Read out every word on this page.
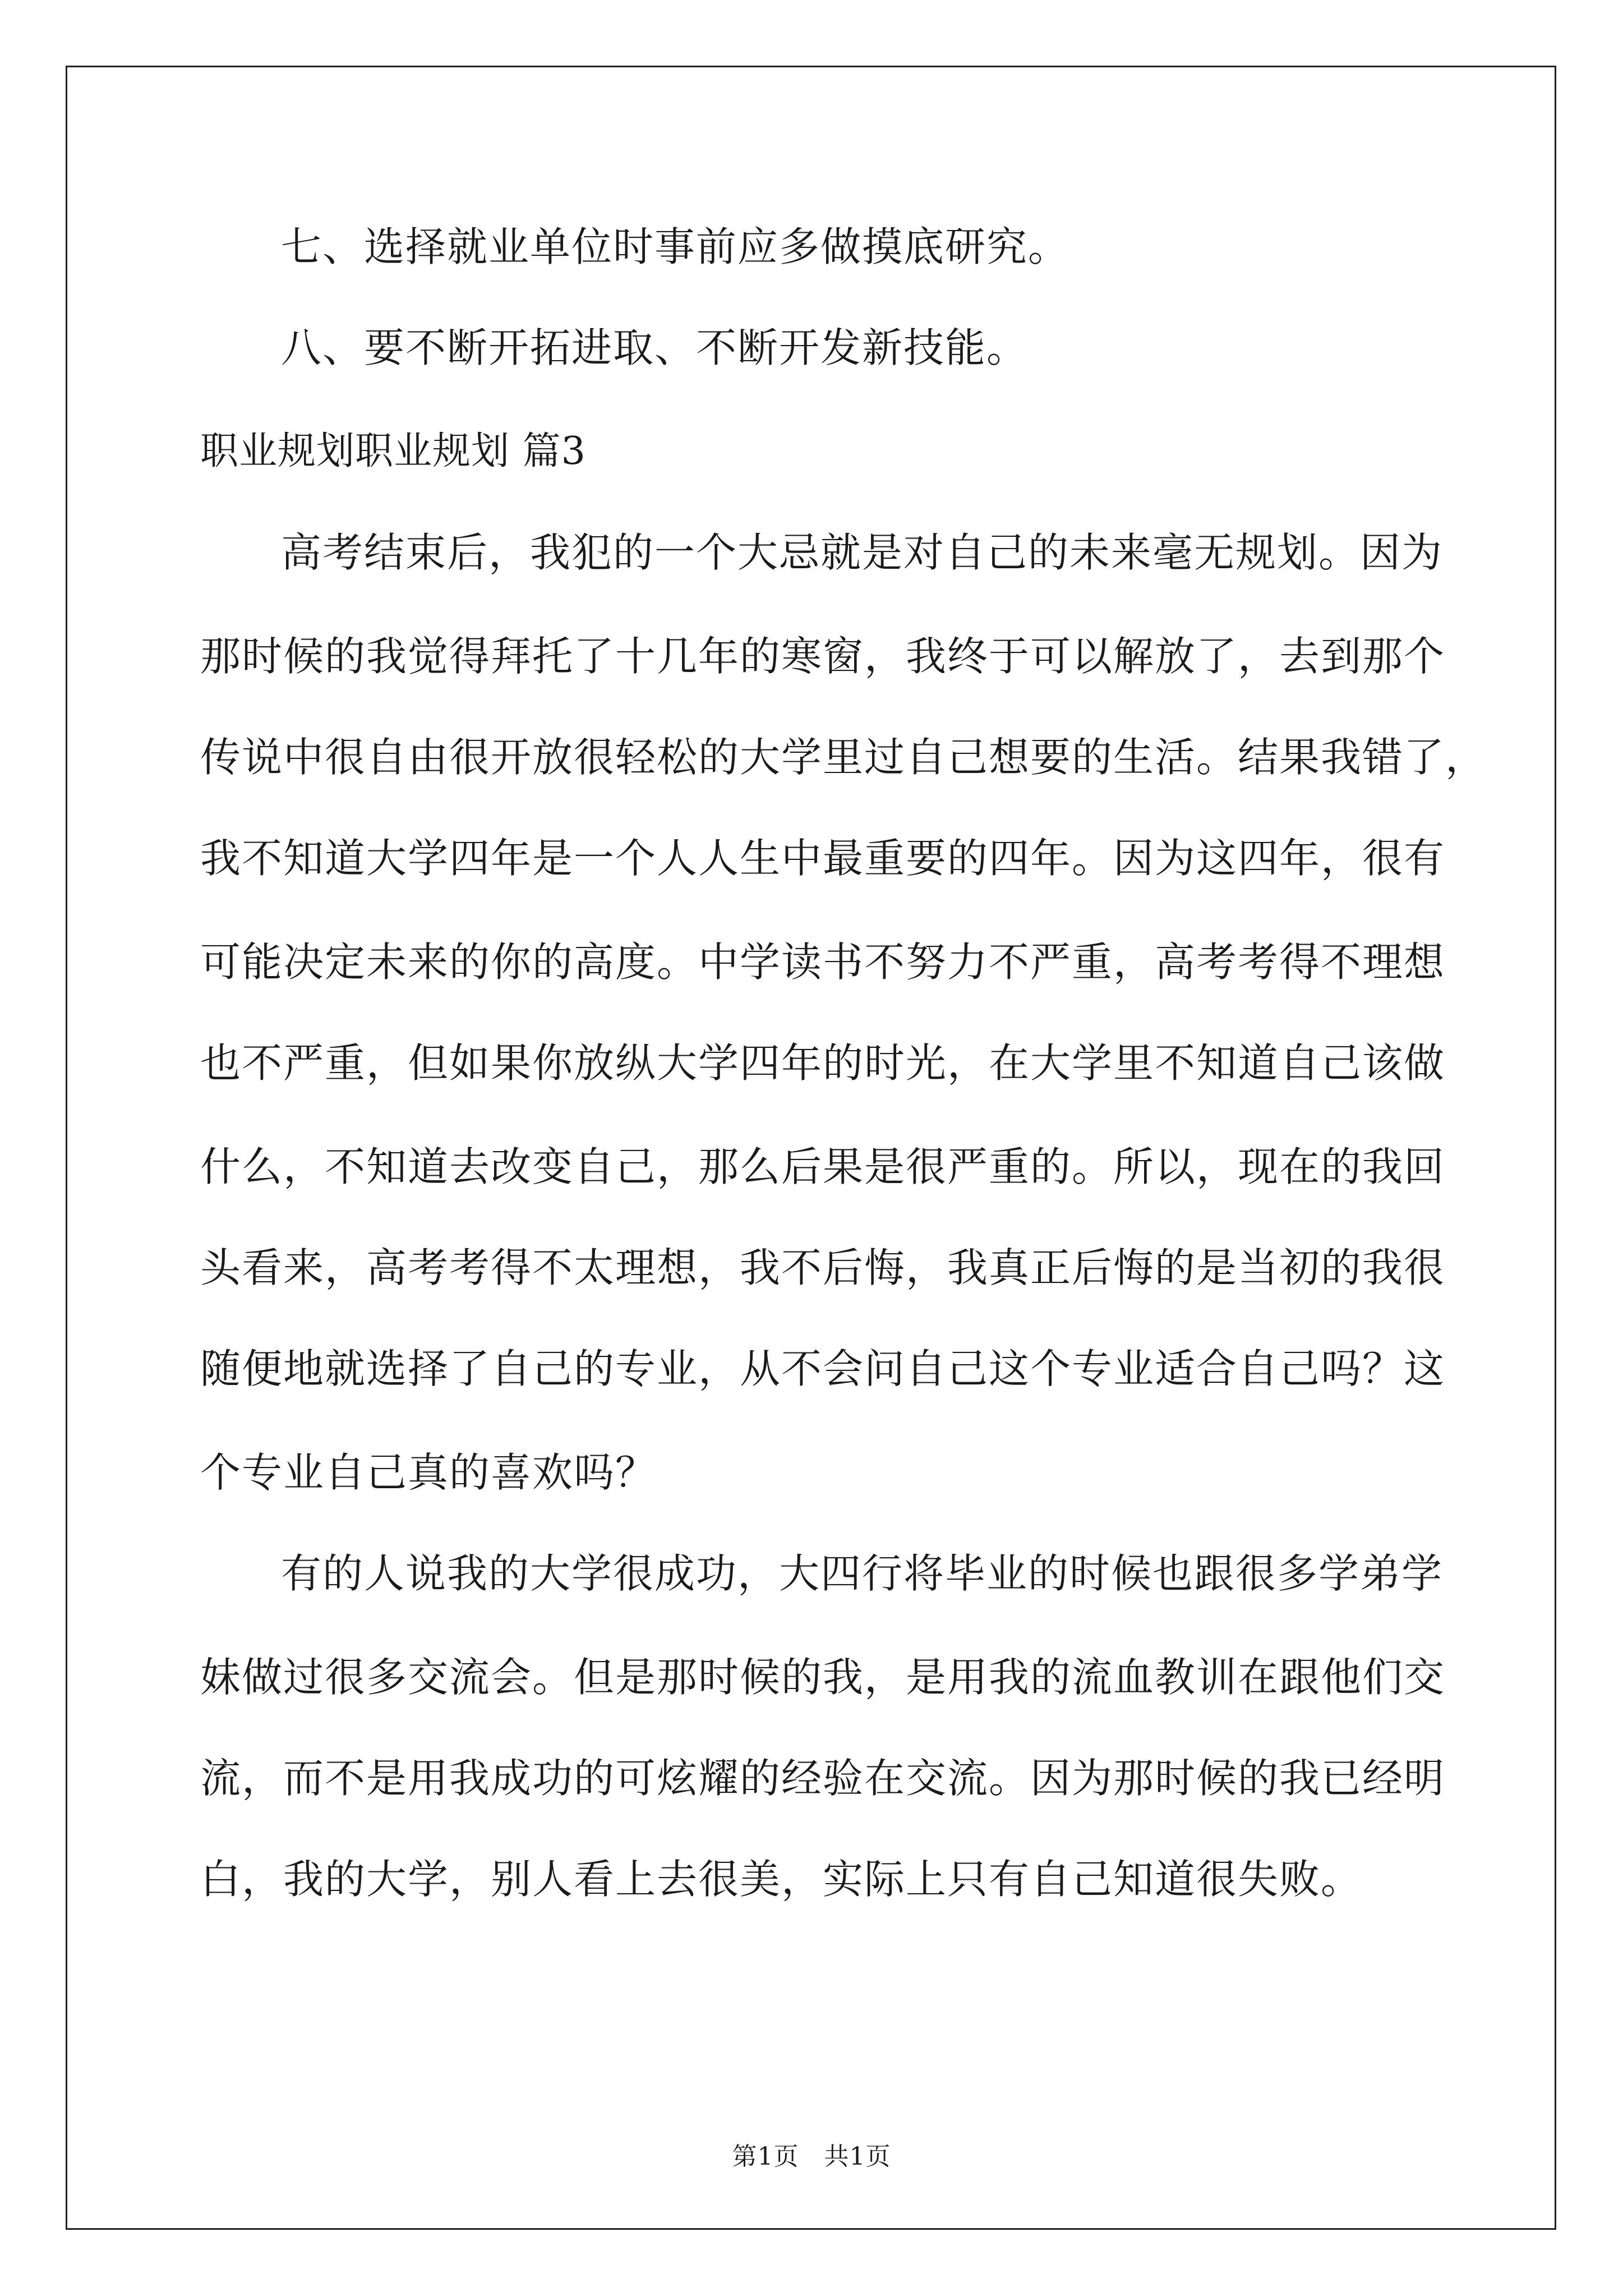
七、选择就业单位时事前应多做摸底研究。
八、要不断开拓进取、不断开发新技能。
职业规划职业规划 篇3
高考结束后，我犯的一个大忌就是对自己的未来毫无规划。因为
那时候的我觉得拜托了十几年的寒窗，我终于可以解放了，去到那个
传说中很自由很开放很轻松的大学里过自己想要的生活。结果我错了，
我不知道大学四年是一个人人生中最重要的四年。因为这四年，很有
可能决定未来的你的高度。中学读书不努力不严重，高考考得不理想
也不严重，但如果你放纵大学四年的时光，在大学里不知道自己该做
什么，不知道去改变自己，那么后果是很严重的。所以，现在的我回
头看来，高考考得不太理想，我不后悔，我真正后悔的是当初的我很
随便地就选择了自己的专业，从不会问自己这个专业适合自己吗？这
个专业自己真的喜欢吗？
有的人说我的大学很成功，大四行将毕业的时候也跟很多学弟学
妹做过很多交流会。但是那时候的我，是用我的流血教训在跟他们交
流，而不是用我成功的可炫耀的经验在交流。因为那时候的我已经明
白，我的大学，别人看上去很美，实际上只有自己知道很失败。
第1页　共1页
